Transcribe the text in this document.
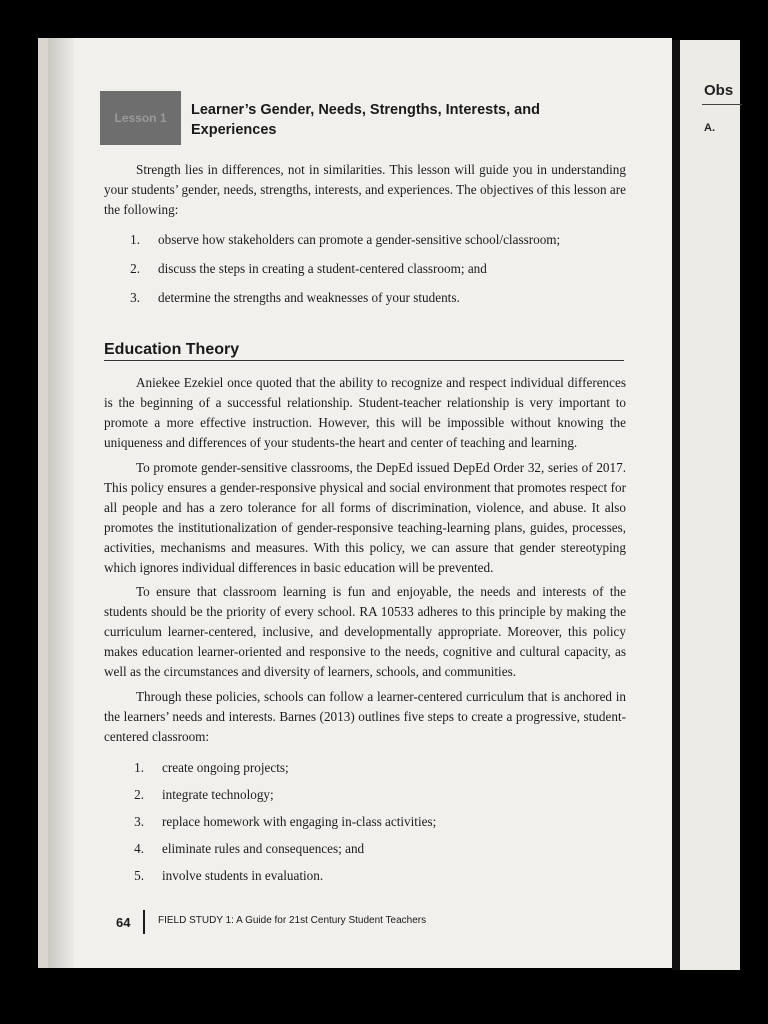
Obs
A.
Lesson 1	Learner’s Gender, Needs, Strengths, Interests, and Experiences

Strength lies in differences, not in similarities. This lesson will guide you in understanding your students’ gender, needs, strengths, interests, and experiences. The objectives of this lesson are the following:

1. observe how stakeholders can promote a gender-sensitive school/classroom;
2. discuss the steps in creating a student-centered classroom; and
3. determine the strengths and weaknesses of your students.
Education Theory

Aniekee Ezekiel once quoted that the ability to recognize and respect individual differences is the beginning of a successful relationship. Student-teacher relationship is very important to promote a more effective instruction. However, this will be impossible without knowing the uniqueness and differences of your students-the heart and center of teaching and learning.

To promote gender-sensitive classrooms, the DepEd issued DepEd Order 32, series of 2017. This policy ensures a gender-responsive physical and social environment that promotes respect for all people and has a zero tolerance for all forms of discrimination, violence, and abuse. It also promotes the institutionalization of gender-responsive teaching-learning plans, guides, processes, activities, mechanisms and measures. With this policy, we can assure that gender stereotyping which ignores individual differences in basic education will be prevented.

To ensure that classroom learning is fun and enjoyable, the needs and interests of the students should be the priority of every school. RA 10533 adheres to this principle by making the curriculum learner-centered, inclusive, and developmentally appropriate. Moreover, this policy makes education learner-oriented and responsive to the needs, cognitive and cultural capacity, as well as the circumstances and diversity of learners, schools, and communities.

Through these policies, schools can follow a learner-centered curriculum that is anchored in the learners’ needs and interests. Barnes (2013) outlines five steps to create a progressive, student-centered classroom:

1. create ongoing projects;
2. integrate technology;
3. replace homework with engaging in-class activities;
4. eliminate rules and consequences; and
5. involve students in evaluation.
64	FIELD STUDY 1: A Guide for 21st Century Student Teachers
